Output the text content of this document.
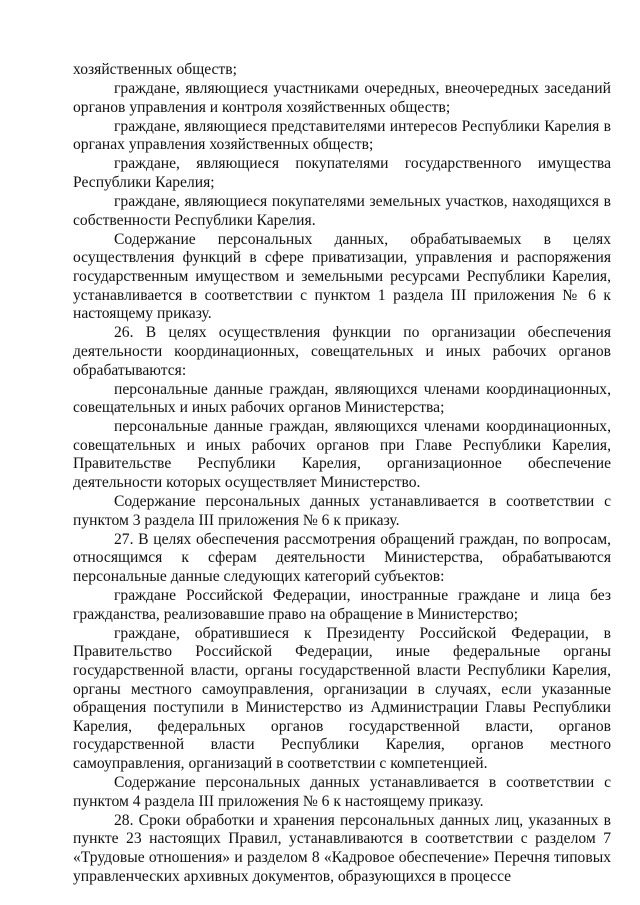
хозяйственных обществ;

граждане, являющиеся участниками очередных, внеочередных заседаний органов управления и контроля хозяйственных обществ;

граждане, являющиеся представителями интересов Республики Карелия в органах управления хозяйственных обществ;

граждане, являющиеся покупателями государственного имущества Республики Карелия;

граждане, являющиеся покупателями земельных участков, находящихся в собственности Республики Карелия.

Содержание персональных данных, обрабатываемых в целях осуществления функций в сфере приватизации, управления и распоряжения государственным имуществом и земельными ресурсами Республики Карелия, устанавливается в соответствии с пунктом 1 раздела III приложения № 6 к настоящему приказу.

26. В целях осуществления функции по организации обеспечения деятельности координационных, совещательных и иных рабочих органов обрабатываются:

персональные данные граждан, являющихся членами координационных, совещательных и иных рабочих органов Министерства;

персональные данные граждан, являющихся членами координационных, совещательных и иных рабочих органов при Главе Республики Карелия, Правительстве Республики Карелия, организационное обеспечение деятельности которых осуществляет Министерство.

Содержание персональных данных устанавливается в соответствии с пунктом 3 раздела III приложения № 6 к приказу.

27. В целях обеспечения рассмотрения обращений граждан, по вопросам, относящимся к сферам деятельности Министерства, обрабатываются персональные данные следующих категорий субъектов:

граждане Российской Федерации, иностранные граждане и лица без гражданства, реализовавшие право на обращение в Министерство;

граждане, обратившиеся к Президенту Российской Федерации, в Правительство Российской Федерации, иные федеральные органы государственной власти, органы государственной власти Республики Карелия, органы местного самоуправления, организации в случаях, если указанные обращения поступили в Министерство из Администрации Главы Республики Карелия, федеральных органов государственной власти, органов государственной власти Республики Карелия, органов местного самоуправления, организаций в соответствии с компетенцией.

Содержание персональных данных устанавливается в соответствии с пунктом 4 раздела III приложения № 6 к настоящему приказу.

28. Сроки обработки и хранения персональных данных лиц, указанных в пункте 23 настоящих Правил, устанавливаются в соответствии с разделом 7 «Трудовые отношения» и разделом 8 «Кадровое обеспечение» Перечня типовых управленческих архивных документов, образующихся в процессе
